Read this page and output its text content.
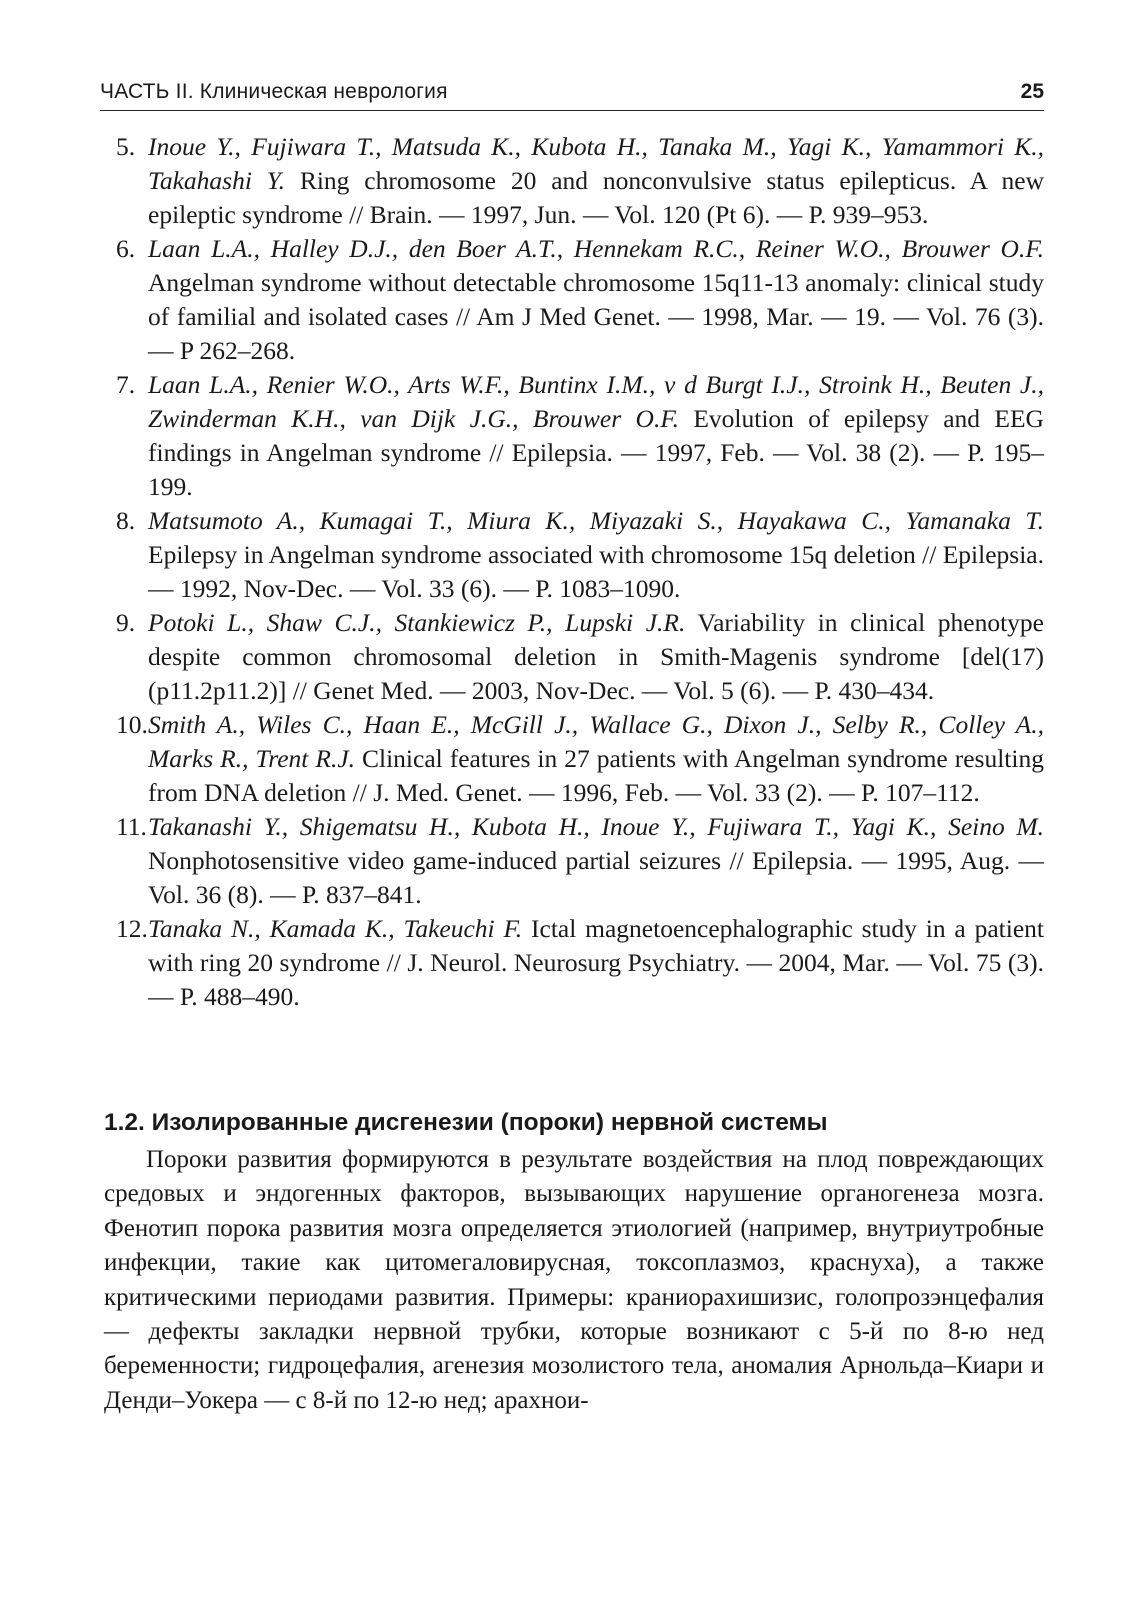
ЧАСТЬ II. Клиническая неврология	25

5. Inoue Y., Fujiwara T., Matsuda K., Kubota H., Tanaka M., Yagi K., Yamammori K., Takahashi Y. Ring chromosome 20 and nonconvulsive status epilepticus. A new epileptic syndrome // Brain. — 1997, Jun. — Vol. 120 (Pt 6). — P. 939–953.

6. Laan L.A., Halley D.J., den Boer A.T., Hennekam R.C., Reiner W.O., Brouwer O.F. Angelman syndrome without detectable chromosome 15q11-13 anomaly: clinical study of familial and isolated cases // Am J Med Genet. — 1998, Mar. — 19. — Vol. 76 (3). — P 262–268.

7. Laan L.A., Renier W.O., Arts W.F., Buntinx I.M., v d Burgt I.J., Stroink H., Beuten J., Zwinderman K.H., van Dijk J.G., Brouwer O.F. Evolution of epilepsy and EEG findings in Angelman syndrome // Epilepsia. — 1997, Feb. — Vol. 38 (2). — P. 195–199.

8. Matsumoto A., Kumagai T., Miura K., Miyazaki S., Hayakawa C., Yamanaka T. Epilepsy in Angelman syndrome associated with chromosome 15q deletion // Epilepsia. — 1992, Nov-Dec. — Vol. 33 (6). — P. 1083–1090.

9. Potoki L., Shaw C.J., Stankiewicz P., Lupski J.R. Variability in clinical phenotype despite common chromosomal deletion in Smith-Magenis syndrome [del(17)(p11.2p11.2)] // Genet Med. — 2003, Nov-Dec. — Vol. 5 (6). — P. 430–434.

10. Smith A., Wiles C., Haan E., McGill J., Wallace G., Dixon J., Selby R., Colley A., Marks R., Trent R.J. Clinical features in 27 patients with Angelman syndrome resulting from DNA deletion // J. Med. Genet. — 1996, Feb. — Vol. 33 (2). — P. 107–112.

11. Takanashi Y., Shigematsu H., Kubota H., Inoue Y., Fujiwara T., Yagi K., Seino M. Nonphotosensitive video game-induced partial seizures // Epilepsia. — 1995, Aug. — Vol. 36 (8). — P. 837–841.

12. Tanaka N., Kamada K., Takeuchi F. Ictal magnetoencephalographic study in a patient with ring 20 syndrome // J. Neurol. Neurosurg Psychiatry. — 2004, Mar. — Vol. 75 (3). — P. 488–490.

1.2. Изолированные дисгенезии (пороки) нервной системы

Пороки развития формируются в результате воздействия на плод повреждающих средовых и эндогенных факторов, вызывающих нарушение органогенеза мозга. Фенотип порока развития мозга определяется этиологией (например, внутриутробные инфекции, такие как цитомегаловирусная, токсоплазмоз, краснуха), а также критическими периодами развития. Примеры: краниорахишизис, голопрозэнцефалия — дефекты закладки нервной трубки, которые возникают с 5-й по 8-ю нед беременности; гидроцефалия, агенезия мозолистого тела, аномалия Арнольда–Киари и Денди–Уокера — с 8-й по 12-ю нед; арахнои-
